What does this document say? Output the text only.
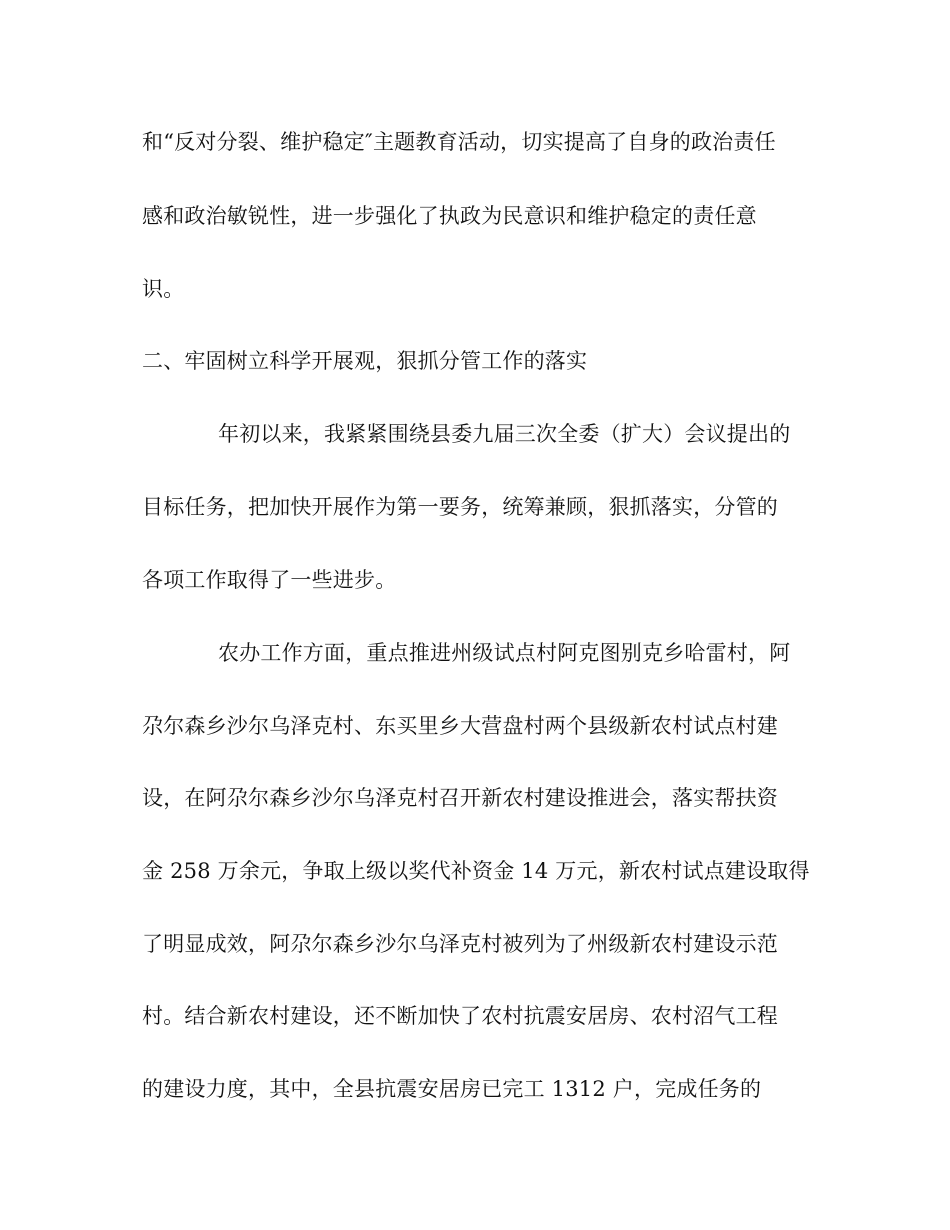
和“反对分裂、维护稳定″主题教育活动，切实提高了自身的政治责任
感和政治敏锐性，进一步强化了执政为民意识和维护稳定的责任意
识。
二、牢固树立科学开展观，狠抓分管工作的落实
年初以来，我紧紧围绕县委九届三次全委（扩大）会议提出的
目标任务，把加快开展作为第一要务，统筹兼顾，狠抓落实，分管的
各项工作取得了一些进步。
农办工作方面，重点推进州级试点村阿克图别克乡哈雷村，阿
尕尔森乡沙尔乌泽克村、东买里乡大营盘村两个县级新农村试点村建
设，在阿尕尔森乡沙尔乌泽克村召开新农村建设推进会，落实帮扶资
金 258 万余元，争取上级以奖代补资金 14 万元，新农村试点建设取得
了明显成效，阿尕尔森乡沙尔乌泽克村被列为了州级新农村建设示范
村。结合新农村建设，还不断加快了农村抗震安居房、农村沼气工程
的建设力度，其中，全县抗震安居房已完工 1312 户，完成任务的
